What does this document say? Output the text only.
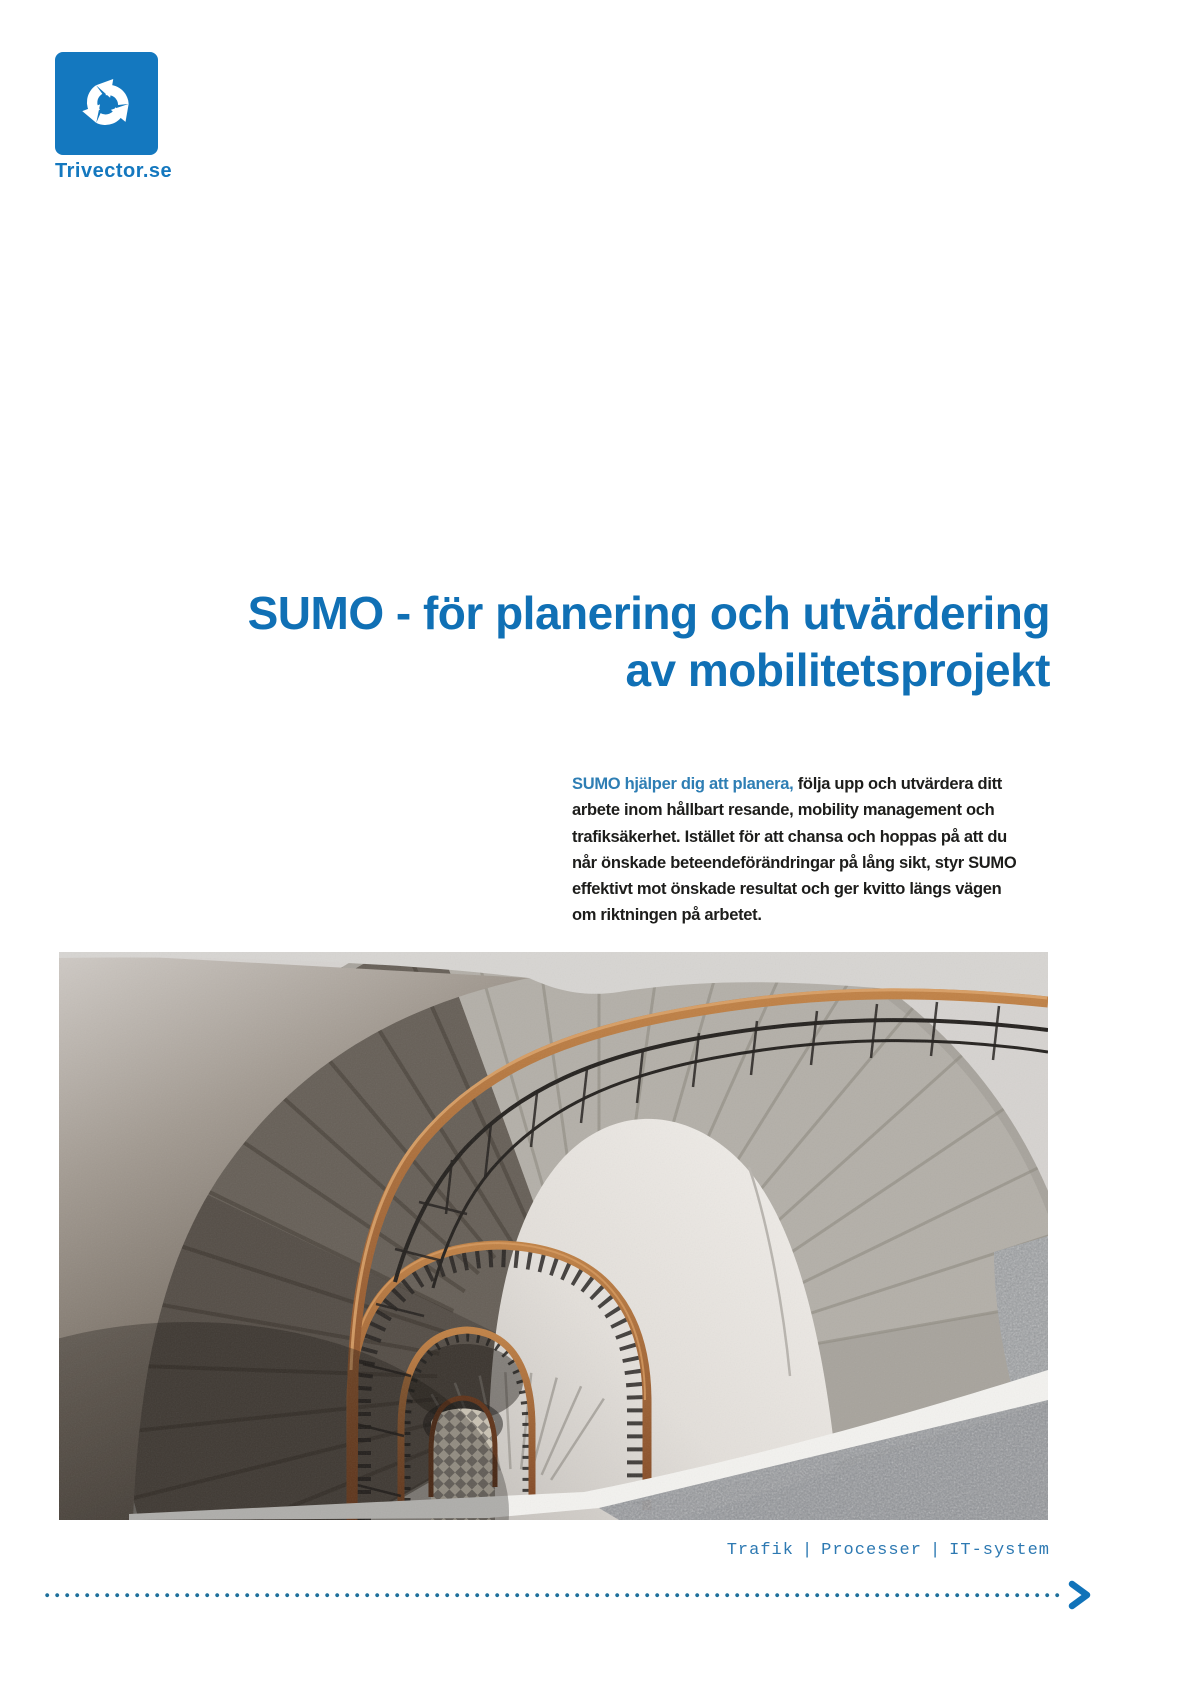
Trivector.se
SUMO - för planering och utvärdering
av mobilitetsprojekt
SUMO hjälper dig att planera, följa upp och utvärdera ditt
arbete inom hållbart resande, mobility management och
trafiksäkerhet. Istället för att chansa och hoppas på att du
når önskade beteendeförändringar på lång sikt, styr SUMO
effektivt mot önskade resultat och ger kvitto längs vägen
om riktningen på arbetet.
Trafik | Processer | IT-system
